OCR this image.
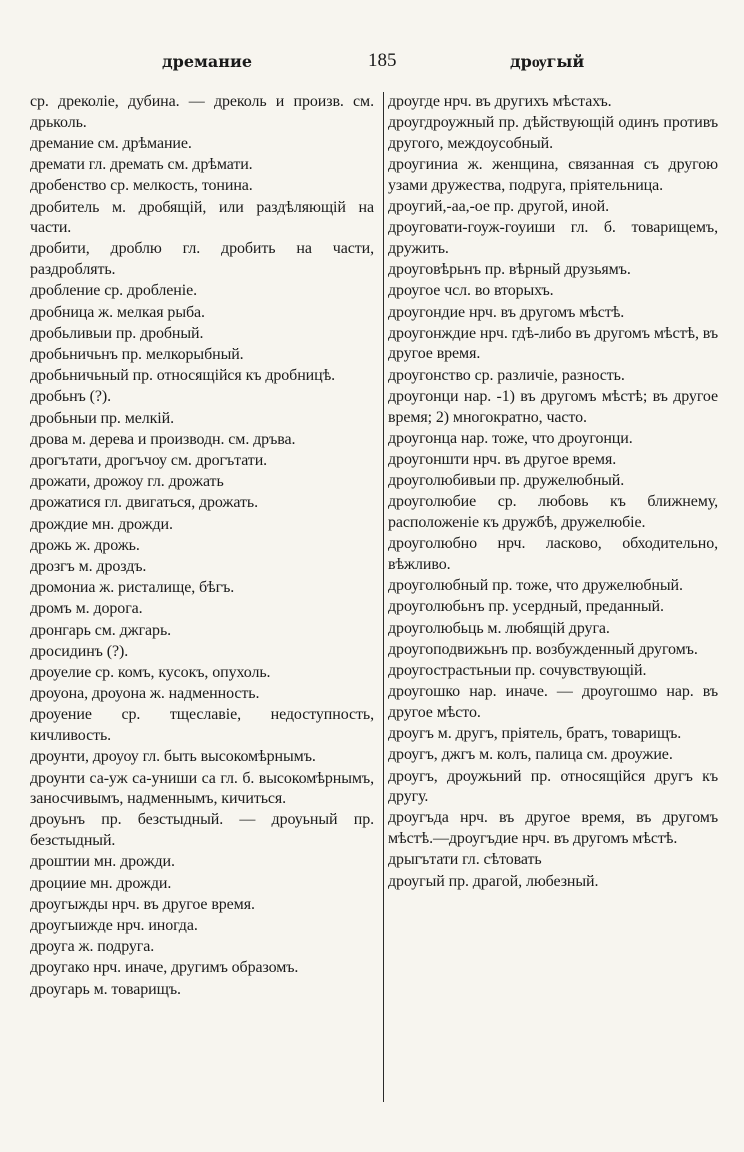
дремание	185	дрѹгый
ср. дреколіе, дубина. — дреколь и произв. см. дрьколь.
дремание см. дрѣмание.
дремати гл. дремать см. дрѣмати.
дробенство ср. мелкость, тонина.
дробитель м. дробящій, или раздѣляющій на части.
дробити, дроблю гл. дробить на части, раздроблять.
дробление ср. дробленіе.
дробница ж. мелкая рыба.
дробьливыи пр. дробный.
дробьничьнъ пр. мелкорыбный.
дробьничьный пр. относящійся къ дробницѣ.
дробьнъ (?).
дробьныи пр. мелкій.
дрова м. дерева и производн. см. дръва.
дрогътати, дрогъчоу см. дрогътати.
дрожати, дрожоу гл. дрожать
дрожатися гл. двигаться, дрожать.
дрождие мн. дрожди.
дрожь ж. дрожь.
дрозгъ м. дроздъ.
дромониа ж. ристалище, бѣгъ.
дромъ м. дорога.
дронгарь см. джгарь.
дросидинъ (?).
дроуелие ср. комъ, кусокъ, опухоль.
дроуона, дроуона ж. надменность.
дроуение ср. тщеславіе, недоступность, кичливость.
дроунти, дроуоу гл. быть высокомѣрнымъ.
дроунти са-уж са-униши са гл. б. высокомѣрнымъ, заносчивымъ, надменнымъ, кичиться.
дроуьнъ пр. безстыдный. — дроуьный пр. безстыдный.
дроштии мн. дрожди.
дроциие мн. дрожди.
дроугыжды нрч. въ другое время.
дроугыижде нрч. иногда.
дроуга ж. подруга.
дроугако нрч. иначе, другимъ образомъ.
дроугарь м. товарищъ.
дроугде нрч. въ другихъ мѣстахъ.
дроугдроужный пр. дѣйствующій одинъ противъ другого, междоусобный.
дроугиниа ж. женщина, связанная съ другою узами дружества, подруга, пріятельница.
дроугий,-аа,-ое пр. другой, иной.
дроуговати-гоуж-гоуиши гл. б. товарищемъ, дружить.
дроуговѣрьнъ пр. вѣрный друзьямъ.
дроугое чсл. во вторыхъ.
дроугондие нрч. въ другомъ мѣстѣ.
дроугонждие нрч. гдѣ-либо въ другомъ мѣстѣ, въ другое время.
дроугонство ср. различіе, разность.
дроугонци нар. -1) въ другомъ мѣстѣ; въ другое время; 2) многократно, часто.
дроугонца нар. тоже, что дроугонци.
дроугоншти нрч. въ другое время.
дроуголюбивыи пр. дружелюбный.
дроуголюбие ср. любовь къ ближнему, расположеніе къ дружбѣ, дружелюбіе.
дроуголюбно нрч. ласково, обходительно, вѣжливо.
дроуголюбный пр. тоже, что дружелюбный.
дроуголюбьнъ пр. усердный, преданный.
дроуголюбьць м. любящій друга.
дроугоподвижьнъ пр. возбужденный другомъ.
дроугострастьныи пр. сочувствующій.
дроугошко нар. иначе. — дроугошмо нар. въ другое мѣсто.
дроугъ м. другъ, пріятель, братъ, товарищъ.
дроугъ, джгъ м. колъ, палица см. дроужие.
дроугъ, дроужьний пр. относящійся другъ къ другу.
дроугъда нрч. въ другое время, въ другомъ мѣстѣ.—дроугъдие нрч. въ другомъ мѣстѣ.
дрыгътати гл. сѣтовать
дроугый пр. драгой, любезный.
